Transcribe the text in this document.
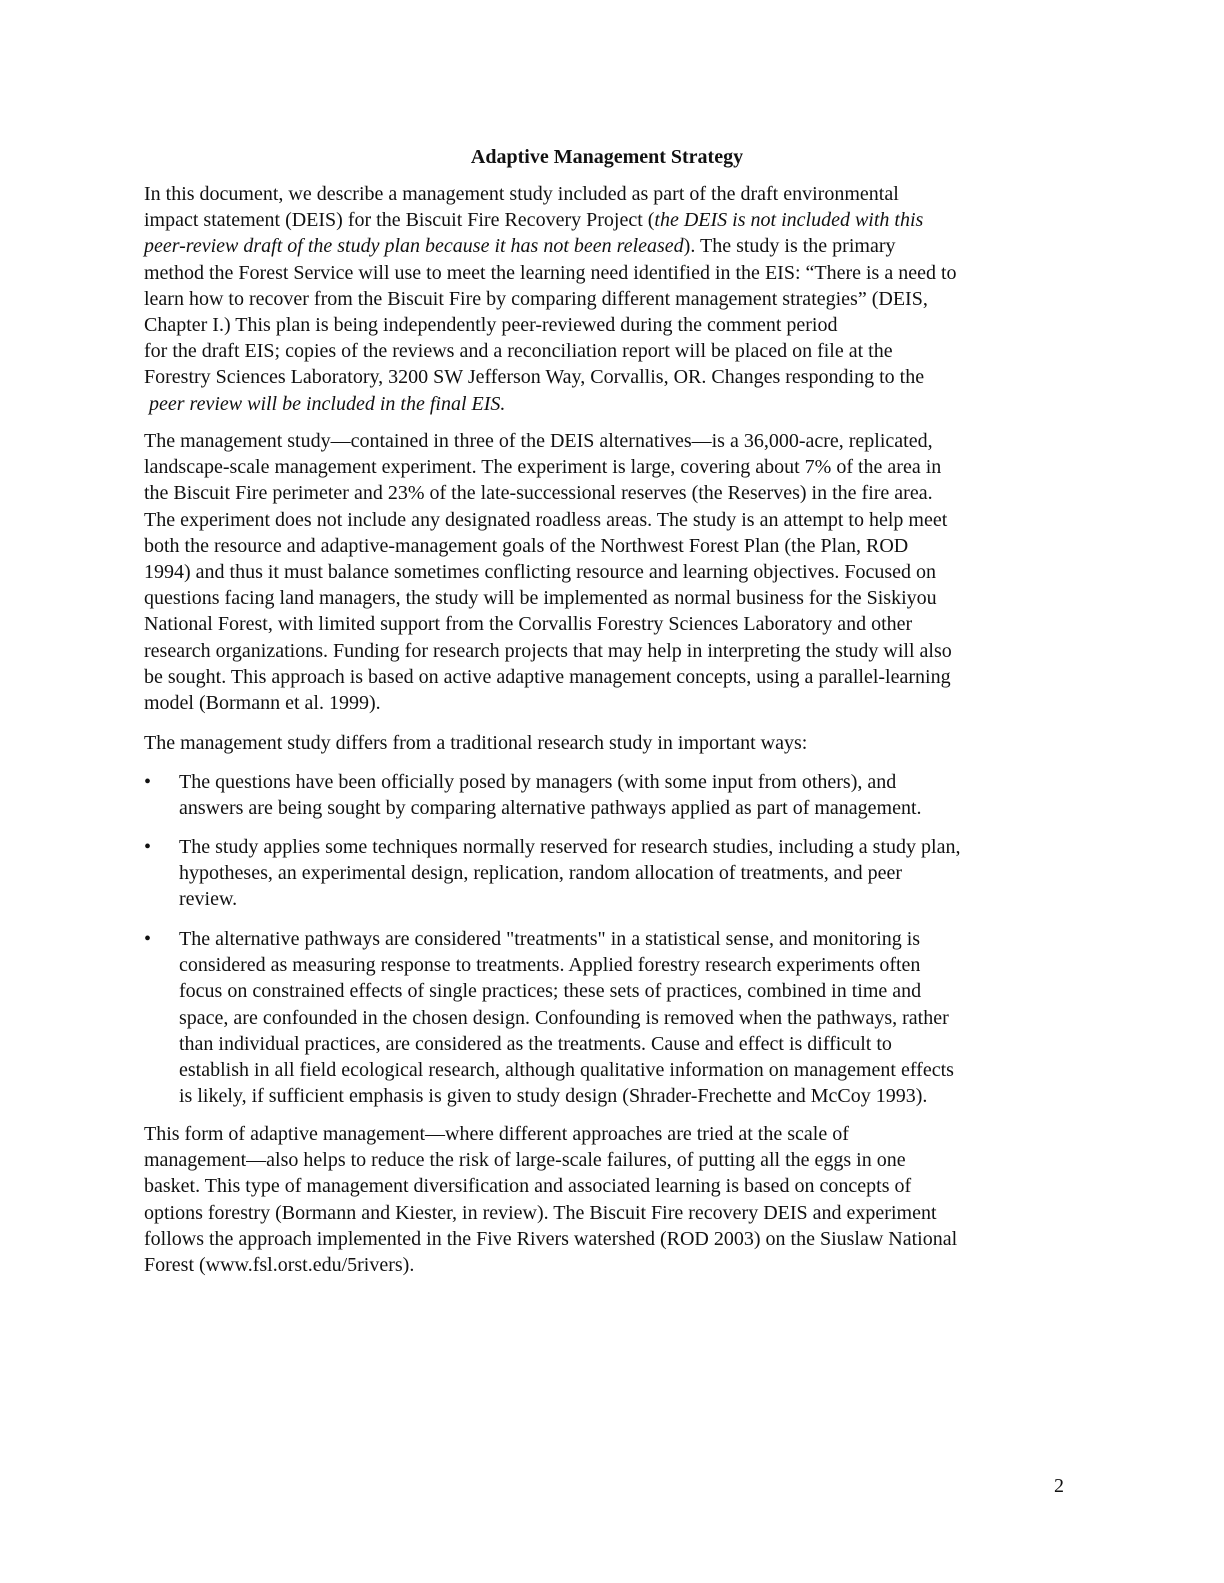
Adaptive Management Strategy
In this document, we describe a management study included as part of the draft environmental
impact statement (DEIS) for the Biscuit Fire Recovery Project (the DEIS is not included with this
peer-review draft of the study plan because it has not been released). The study is the primary
method the Forest Service will use to meet the learning need identified in the EIS: “There is a need to
learn how to recover from the Biscuit Fire by comparing different management strategies” (DEIS,
Chapter I.) This plan is being independently peer-reviewed during the comment period
for the draft EIS; copies of the reviews and a reconciliation report will be placed on file at the
Forestry Sciences Laboratory, 3200 SW Jefferson Way, Corvallis, OR. Changes responding to the
peer review will be included in the final EIS.
The management study—contained in three of the DEIS alternatives—is a 36,000-acre, replicated,
landscape-scale management experiment. The experiment is large, covering about 7% of the area in
the Biscuit Fire perimeter and 23% of the late-successional reserves (the Reserves) in the fire area.
The experiment does not include any designated roadless areas. The study is an attempt to help meet
both the resource and adaptive-management goals of the Northwest Forest Plan (the Plan, ROD
1994) and thus it must balance sometimes conflicting resource and learning objectives. Focused on
questions facing land managers, the study will be implemented as normal business for the Siskiyou
National Forest, with limited support from the Corvallis Forestry Sciences Laboratory and other
research organizations. Funding for research projects that may help in interpreting the study will also
be sought. This approach is based on active adaptive management concepts, using a parallel-learning
model (Bormann et al. 1999).
The management study differs from a traditional research study in important ways:
• The questions have been officially posed by managers (with some input from others), and
answers are being sought by comparing alternative pathways applied as part of management.
• The study applies some techniques normally reserved for research studies, including a study plan,
hypotheses, an experimental design, replication, random allocation of treatments, and peer
review.
• The alternative pathways are considered "treatments" in a statistical sense, and monitoring is
considered as measuring response to treatments. Applied forestry research experiments often
focus on constrained effects of single practices; these sets of practices, combined in time and
space, are confounded in the chosen design. Confounding is removed when the pathways, rather
than individual practices, are considered as the treatments. Cause and effect is difficult to
establish in all field ecological research, although qualitative information on management effects
is likely, if sufficient emphasis is given to study design (Shrader-Frechette and McCoy 1993).
This form of adaptive management—where different approaches are tried at the scale of
management—also helps to reduce the risk of large-scale failures, of putting all the eggs in one
basket. This type of management diversification and associated learning is based on concepts of
options forestry (Bormann and Kiester, in review). The Biscuit Fire recovery DEIS and experiment
follows the approach implemented in the Five Rivers watershed (ROD 2003) on the Siuslaw National
Forest (www.fsl.orst.edu/5rivers).
2
